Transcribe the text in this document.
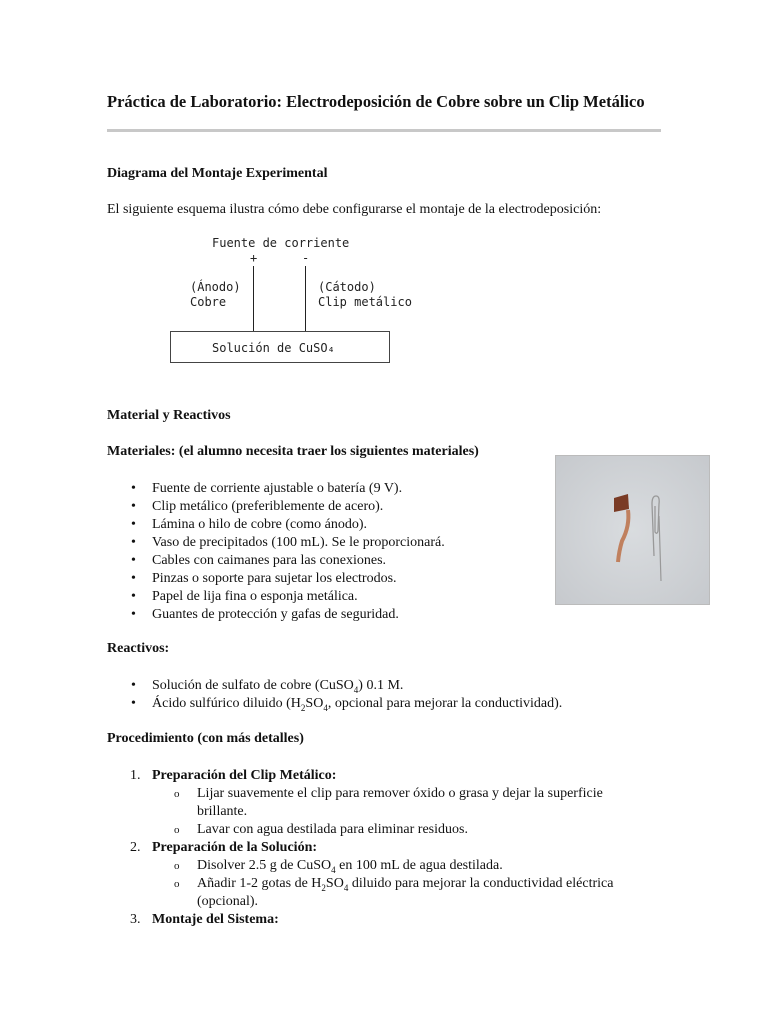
Práctica de Laboratorio: Electrodeposición de Cobre sobre un Clip Metálico
Diagrama del Montaje Experimental

El siguiente esquema ilustra cómo debe configurarse el montaje de la electrodeposición:

Fuente de corriente
+	-
(Ánodo)
Cobre
(Cátodo)
Clip metálico
Solución de CuSO₄
Material y Reactivos
Materiales: (el alumno necesita traer los siguientes materiales)
• Fuente de corriente ajustable o batería (9 V).
• Clip metálico (preferiblemente de acero).
• Lámina o hilo de cobre (como ánodo).
• Vaso de precipitados (100 mL). Se le proporcionará.
• Cables con caimanes para las conexiones.
• Pinzas o soporte para sujetar los electrodos.
• Papel de lija fina o esponja metálica.
• Guantes de protección y gafas de seguridad.
Reactivos:
• Solución de sulfato de cobre (CuSO$_4$) 0.1 M.
• Ácido sulfúrico diluido ($H_2SO_4$, opcional para mejorar la conductividad).
Procedimiento (con más detalles)
1. Preparación del Clip Metálico:
o Lijar suavemente el clip para remover óxido o grasa y dejar la superficie
brillante.
o Lavar con agua destilada para eliminar residuos.
2. Preparación de la Solución:
o Disolver 2.5 g de CuSO$_4$ en 100 mL de agua destilada.
o Añadir 1-2 gotas de $H_2SO_4$ diluido para mejorar la conductividad eléctrica
(opcional).
3. Montaje del Sistema:
